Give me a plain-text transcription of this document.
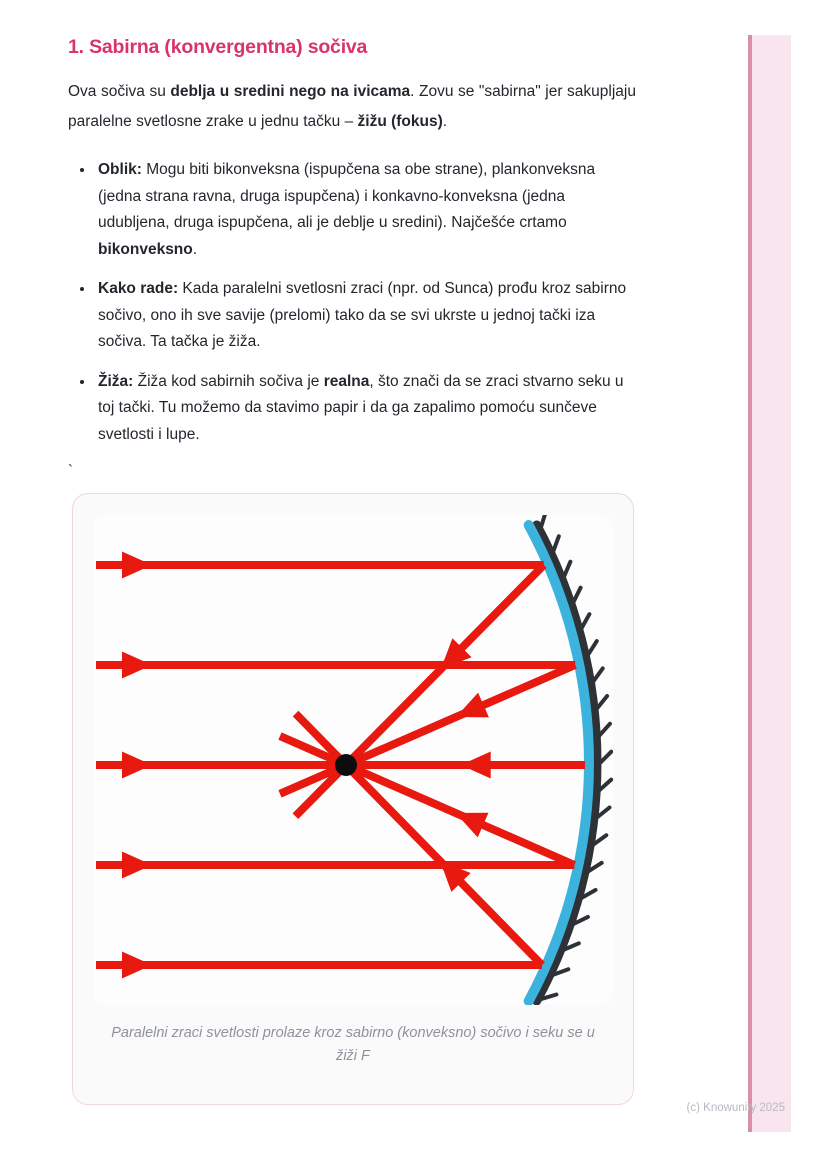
1. Sabirna (konvergentna) sočiva

Ova sočiva su deblja u sredini nego na ivicama. Zovu se "sabirna" jer sakupljaju paralelne svetlosne zrake u jednu tačku – žižu (fokus).

• Oblik: Mogu biti bikonveksna (ispupčena sa obe strane), plankonveksna (jedna strana ravna, druga ispupčena) i konkavno-konveksna (jedna udubljena, druga ispupčena, ali je deblje u sredini). Najčešće crtamo bikonveksno.
• Kako rade: Kada paralelni svetlosni zraci (npr. od Sunca) prođu kroz sabirno sočivo, ono ih sve savije (prelomi) tako da se svi ukrste u jednoj tački iza sočiva. Ta tačka je žiža.
• Žiža: Žiža kod sabirnih sočiva je realna, što znači da se zraci stvarno seku u toj tački. Tu možemo da stavimo papir i da ga zapalimo pomoću sunčeve svetlosti i lupe.
`
Paralelni zraci svetlosti prolaze kroz sabirno (konveksno) sočivo i seku se u žiži F
(c) Knowunity 2025
